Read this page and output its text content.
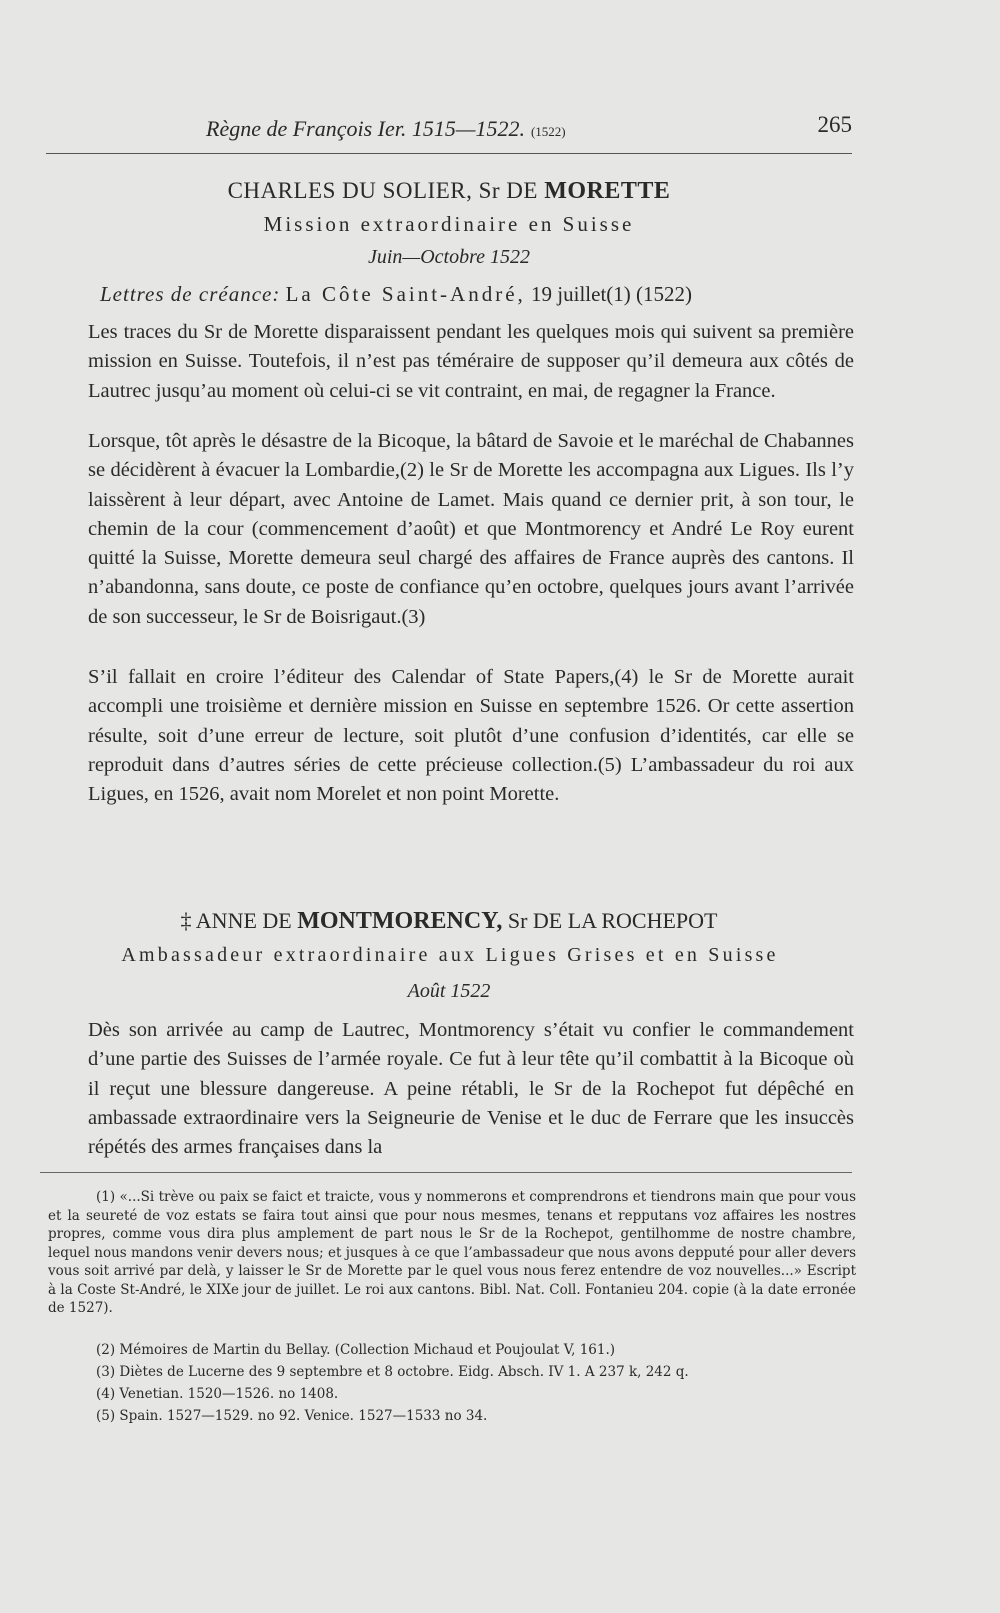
Règne de François Ier. 1515—1522. (1522)	265
CHARLES DU SOLIER, Sr DE MORETTE
Mission extraordinaire en Suisse
Juin—Octobre 1522
Lettres de créance: La Côte Saint-André, 19 juillet(1) (1522)
Les traces du Sr de Morette disparaissent pendant les quelques mois qui suivent sa première mission en Suisse. Toutefois, il n’est pas téméraire de supposer qu’il demeura aux côtés de Lautrec jusqu’au moment où celui-ci se vit contraint, en mai, de regagner la France.
Lorsque, tôt après le désastre de la Bicoque, la bâtard de Savoie et le maréchal de Chabannes se décidèrent à évacuer la Lombardie,(2) le Sr de Morette les accompagna aux Ligues. Ils l’y laissèrent à leur départ, avec Antoine de Lamet. Mais quand ce dernier prit, à son tour, le chemin de la cour (commencement d’août) et que Montmorency et André Le Roy eurent quitté la Suisse, Morette demeura seul chargé des affaires de France auprès des cantons. Il n’abandonna, sans doute, ce poste de confiance qu’en octobre, quelques jours avant l’arrivée de son successeur, le Sr de Boisrigaut.(3)
S’il fallait en croire l’éditeur des Calendar of State Papers,(4) le Sr de Morette aurait accompli une troisième et dernière mission en Suisse en septembre 1526. Or cette assertion résulte, soit d’une erreur de lecture, soit plutôt d’une confusion d’identités, car elle se reproduit dans d’autres séries de cette précieuse collection.(5) L’ambassadeur du roi aux Ligues, en 1526, avait nom Morelet et non point Morette.
‡ ANNE DE MONTMORENCY, Sr DE LA ROCHEPOT
Ambassadeur extraordinaire aux Ligues Grises et en Suisse
Août 1522
Dès son arrivée au camp de Lautrec, Montmorency s’était vu confier le commandement d’une partie des Suisses de l’armée royale. Ce fut à leur tête qu’il combattit à la Bicoque où il reçut une blessure dangereuse. A peine rétabli, le Sr de la Rochepot fut dépêché en ambassade extraordinaire vers la Seigneurie de Venise et le duc de Ferrare que les insuccès répétés des armes françaises dans la
(1) «...Si trève ou paix se faict et traicte, vous y nommerons et comprendrons et tiendrons main que pour vous et la seureté de voz estats se faira tout ainsi que pour nous mesmes, tenans et repputans voz affaires les nostres propres, comme vous dira plus amplement de part nous le Sr de la Rochepot, gentilhomme de nostre chambre, lequel nous mandons venir devers nous; et jusques à ce que l’ambassadeur que nous avons depputé pour aller devers vous soit arrivé par delà, y laisser le Sr de Morette par le quel vous nous ferez entendre de voz nouvelles...» Escript à la Coste St-André, le XIXe jour de juillet. Le roi aux cantons. Bibl. Nat. Coll. Fontanieu 204. copie (à la date erronée de 1527).
(2) Mémoires de Martin du Bellay. (Collection Michaud et Poujoulat V, 161.)
(3) Diètes de Lucerne des 9 septembre et 8 octobre. Eidg. Absch. IV 1. A 237 k, 242 q.
(4) Venetian. 1520—1526. no 1408.
(5) Spain. 1527—1529. no 92. Venice. 1527—1533 no 34.
